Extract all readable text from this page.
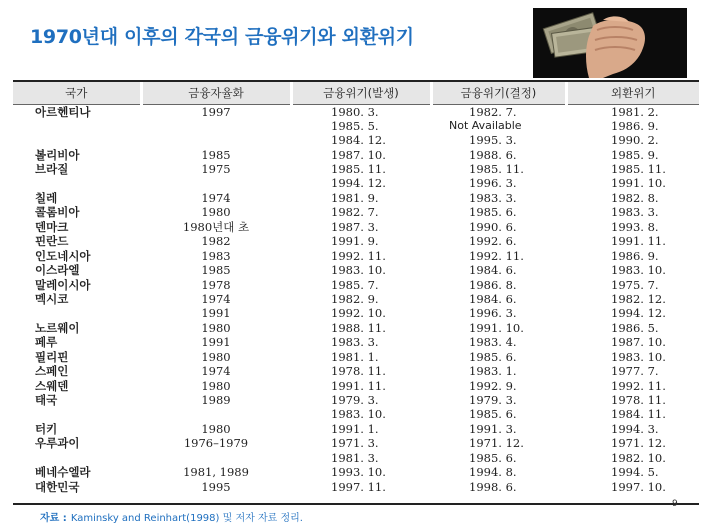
1970년대 이후의 각국의 금융위기와 외환위기
국가	금융자율화	금융위기(발생)	금융위기(결정)	외환위기
아르헨티나	1997	1980. 3.	1982. 7.	1981. 2.
		1985. 5.	Not Available	1986. 9.
		1984. 12.	1995. 3.	1990. 2.
볼리비아	1985	1987. 10.	1988. 6.	1985. 9.
브라질	1975	1985. 11.	1985. 11.	1985. 11.
		1994. 12.	1996. 3.	1991. 10.
칠레	1974	1981. 9.	1983. 3.	1982. 8.
콜롬비아	1980	1982. 7.	1985. 6.	1983. 3.
덴마크	1980년대 초	1987. 3.	1990. 6.	1993. 8.
핀란드	1982	1991. 9.	1992. 6.	1991. 11.
인도네시아	1983	1992. 11.	1992. 11.	1986. 9.
이스라엘	1985	1983. 10.	1984. 6.	1983. 10.
말레이시아	1978	1985. 7.	1986. 8.	1975. 7.
멕시코	1974	1982. 9.	1984. 6.	1982. 12.
	1991	1992. 10.	1996. 3.	1994. 12.
노르웨이	1980	1988. 11.	1991. 10.	1986. 5.
페루	1991	1983. 3.	1983. 4.	1987. 10.
필리핀	1980	1981. 1.	1985. 6.	1983. 10.
스페인	1974	1978. 11.	1983. 1.	1977. 7.
스웨덴	1980	1991. 11.	1992. 9.	1992. 11.
태국	1989	1979. 3.	1979. 3.	1978. 11.
		1983. 10.	1985. 6.	1984. 11.
터키	1980	1991. 1.	1991. 3.	1994. 3.
우루과이	1976–1979	1971. 3.	1971. 12.	1971. 12.
		1981. 3.	1985. 6.	1982. 10.
베네수엘라	1981, 1989	1993. 10.	1994. 8.	1994. 5.
대한민국	1995	1997. 11.	1998. 6.	1997. 10.
자료 : Kaminsky and Reinhart(1998) 및 저자 자료 정리.
9
